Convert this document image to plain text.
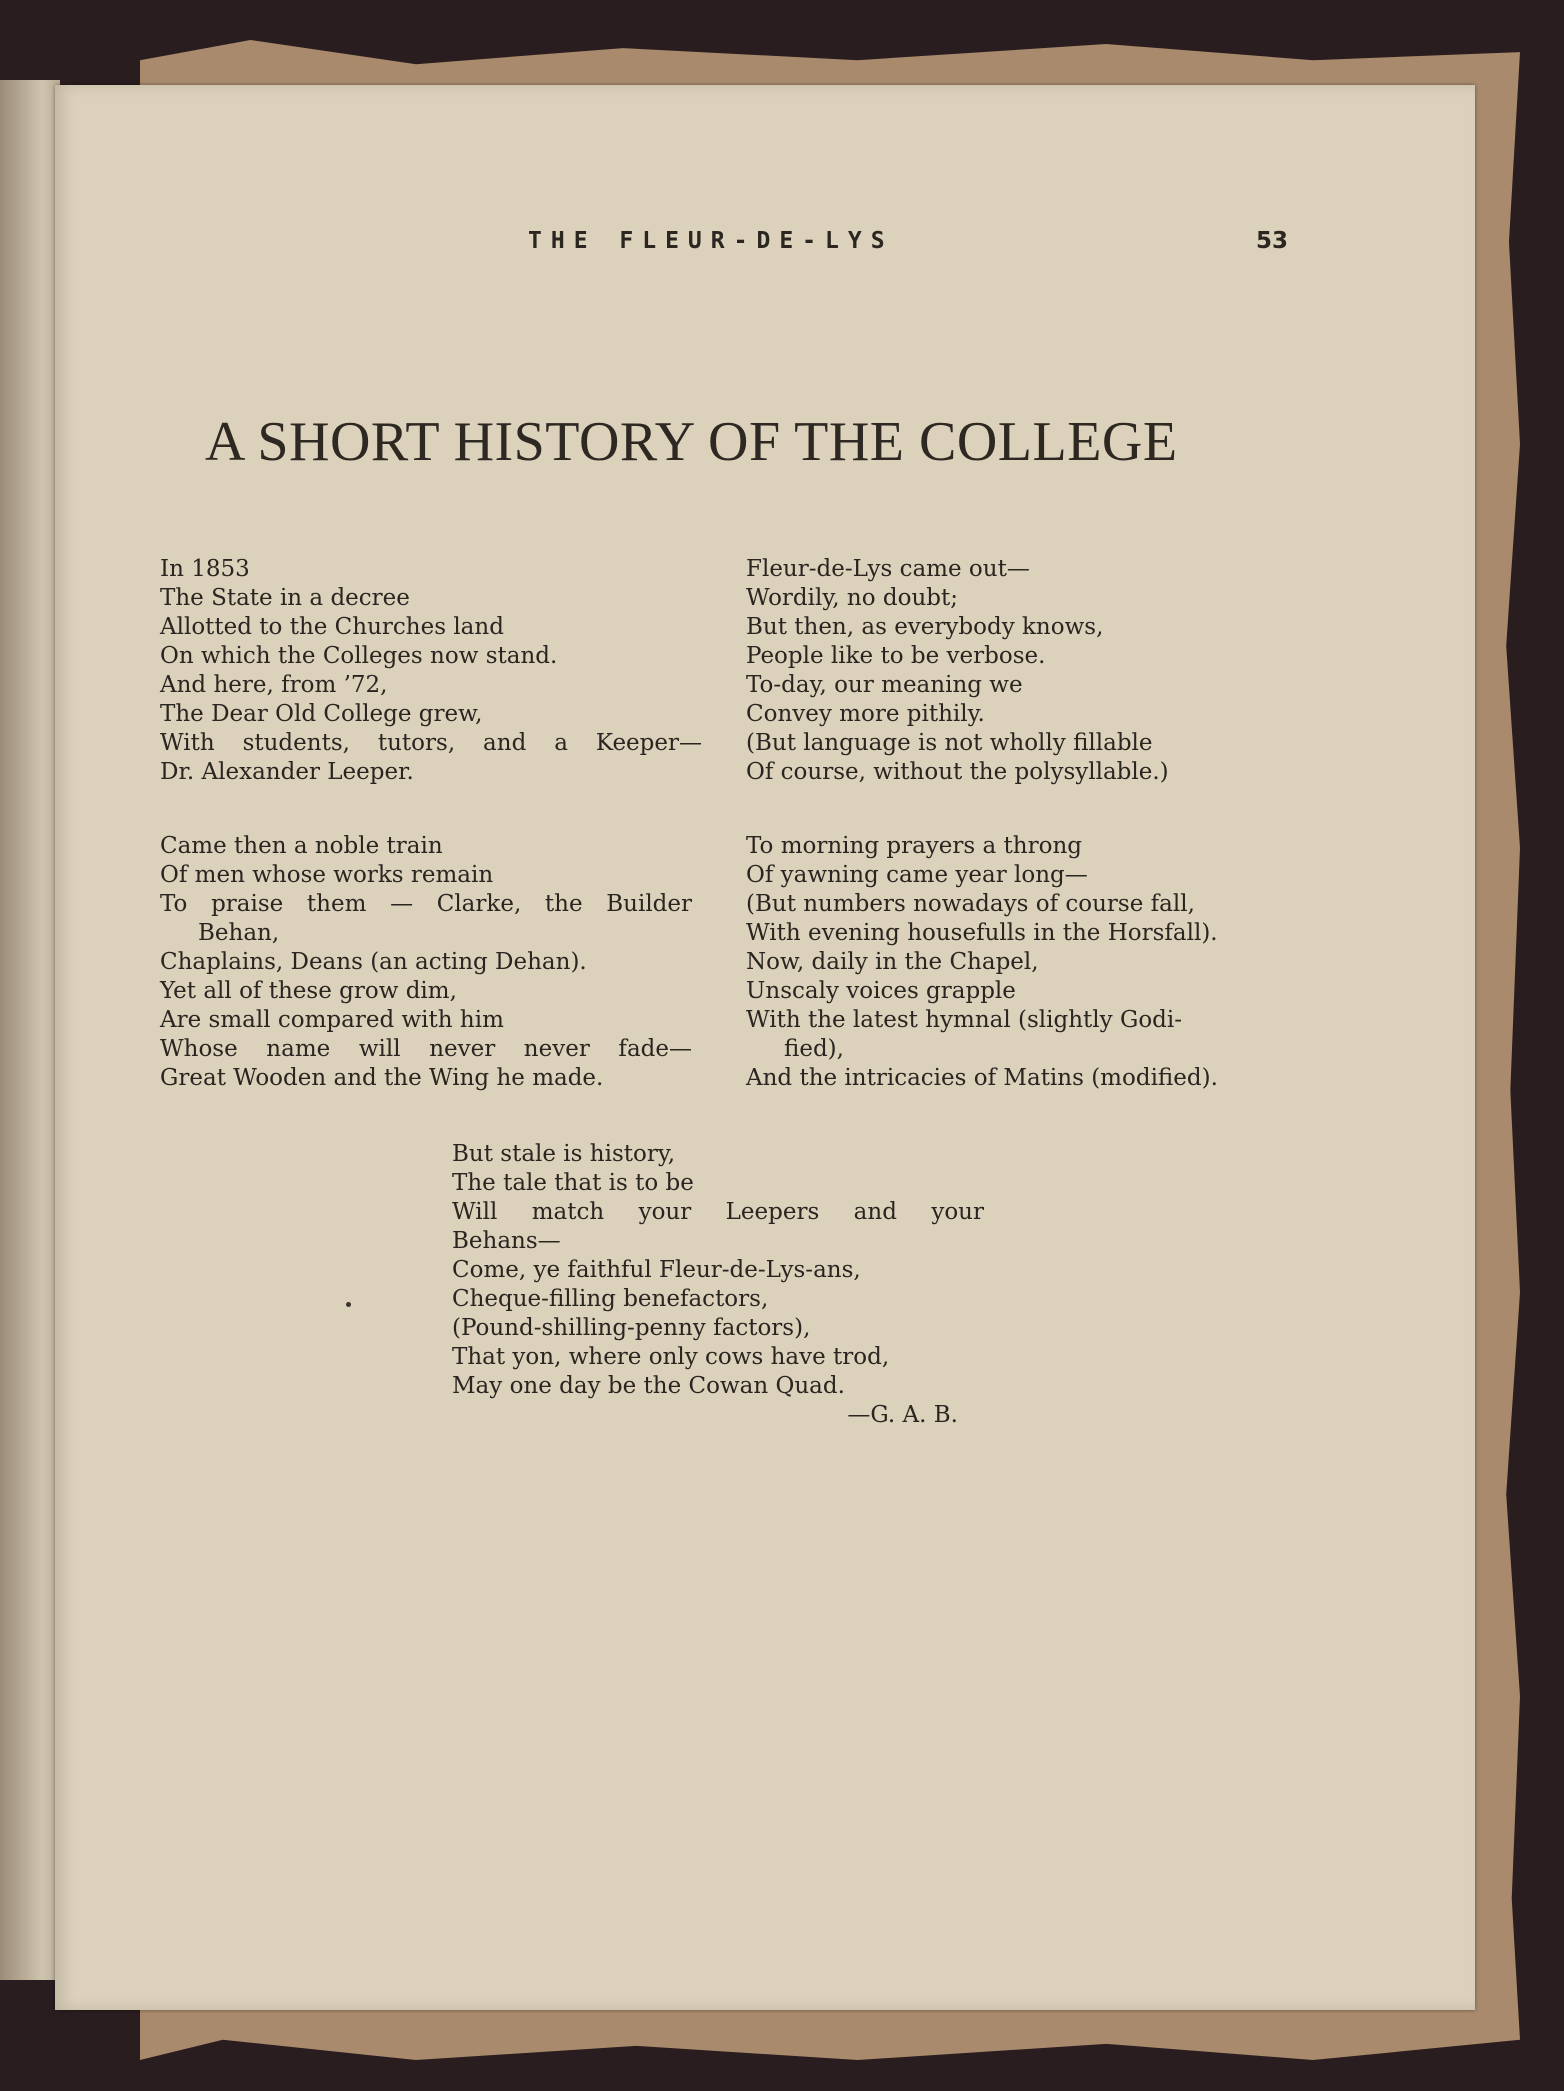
THE FLEUR-DE-LYS	53
A SHORT HISTORY OF THE COLLEGE
In 1853
The State in a decree
Allotted to the Churches land
On which the Colleges now stand.
And here, from ’72,
The Dear Old College grew,
With students, tutors, and a Keeper—
Dr. Alexander Leeper.
Fleur-de-Lys came out—
Wordily, no doubt;
But then, as everybody knows,
People like to be verbose.
To-day, our meaning we
Convey more pithily.
(But language is not wholly fillable
Of course, without the polysyllable.)
Came then a noble train
Of men whose works remain
To praise them — Clarke, the Builder
Behan,
Chaplains, Deans (an acting Dehan).
Yet all of these grow dim,
Are small compared with him
Whose name will never never fade—
Great Wooden and the Wing he made.
To morning prayers a throng
Of yawning came year long—
(But numbers nowadays of course fall,
With evening housefulls in the Horsfall).
Now, daily in the Chapel,
Unscaly voices grapple
With the latest hymnal (slightly Godi-
fied),
And the intricacies of Matins (modified).
But stale is history,
The tale that is to be
Will match your Leepers and your
Behans—
Come, ye faithful Fleur-de-Lys-ans,
Cheque-filling benefactors,
(Pound-shilling-penny factors),
That yon, where only cows have trod,
May one day be the Cowan Quad.
—G. A. B.
